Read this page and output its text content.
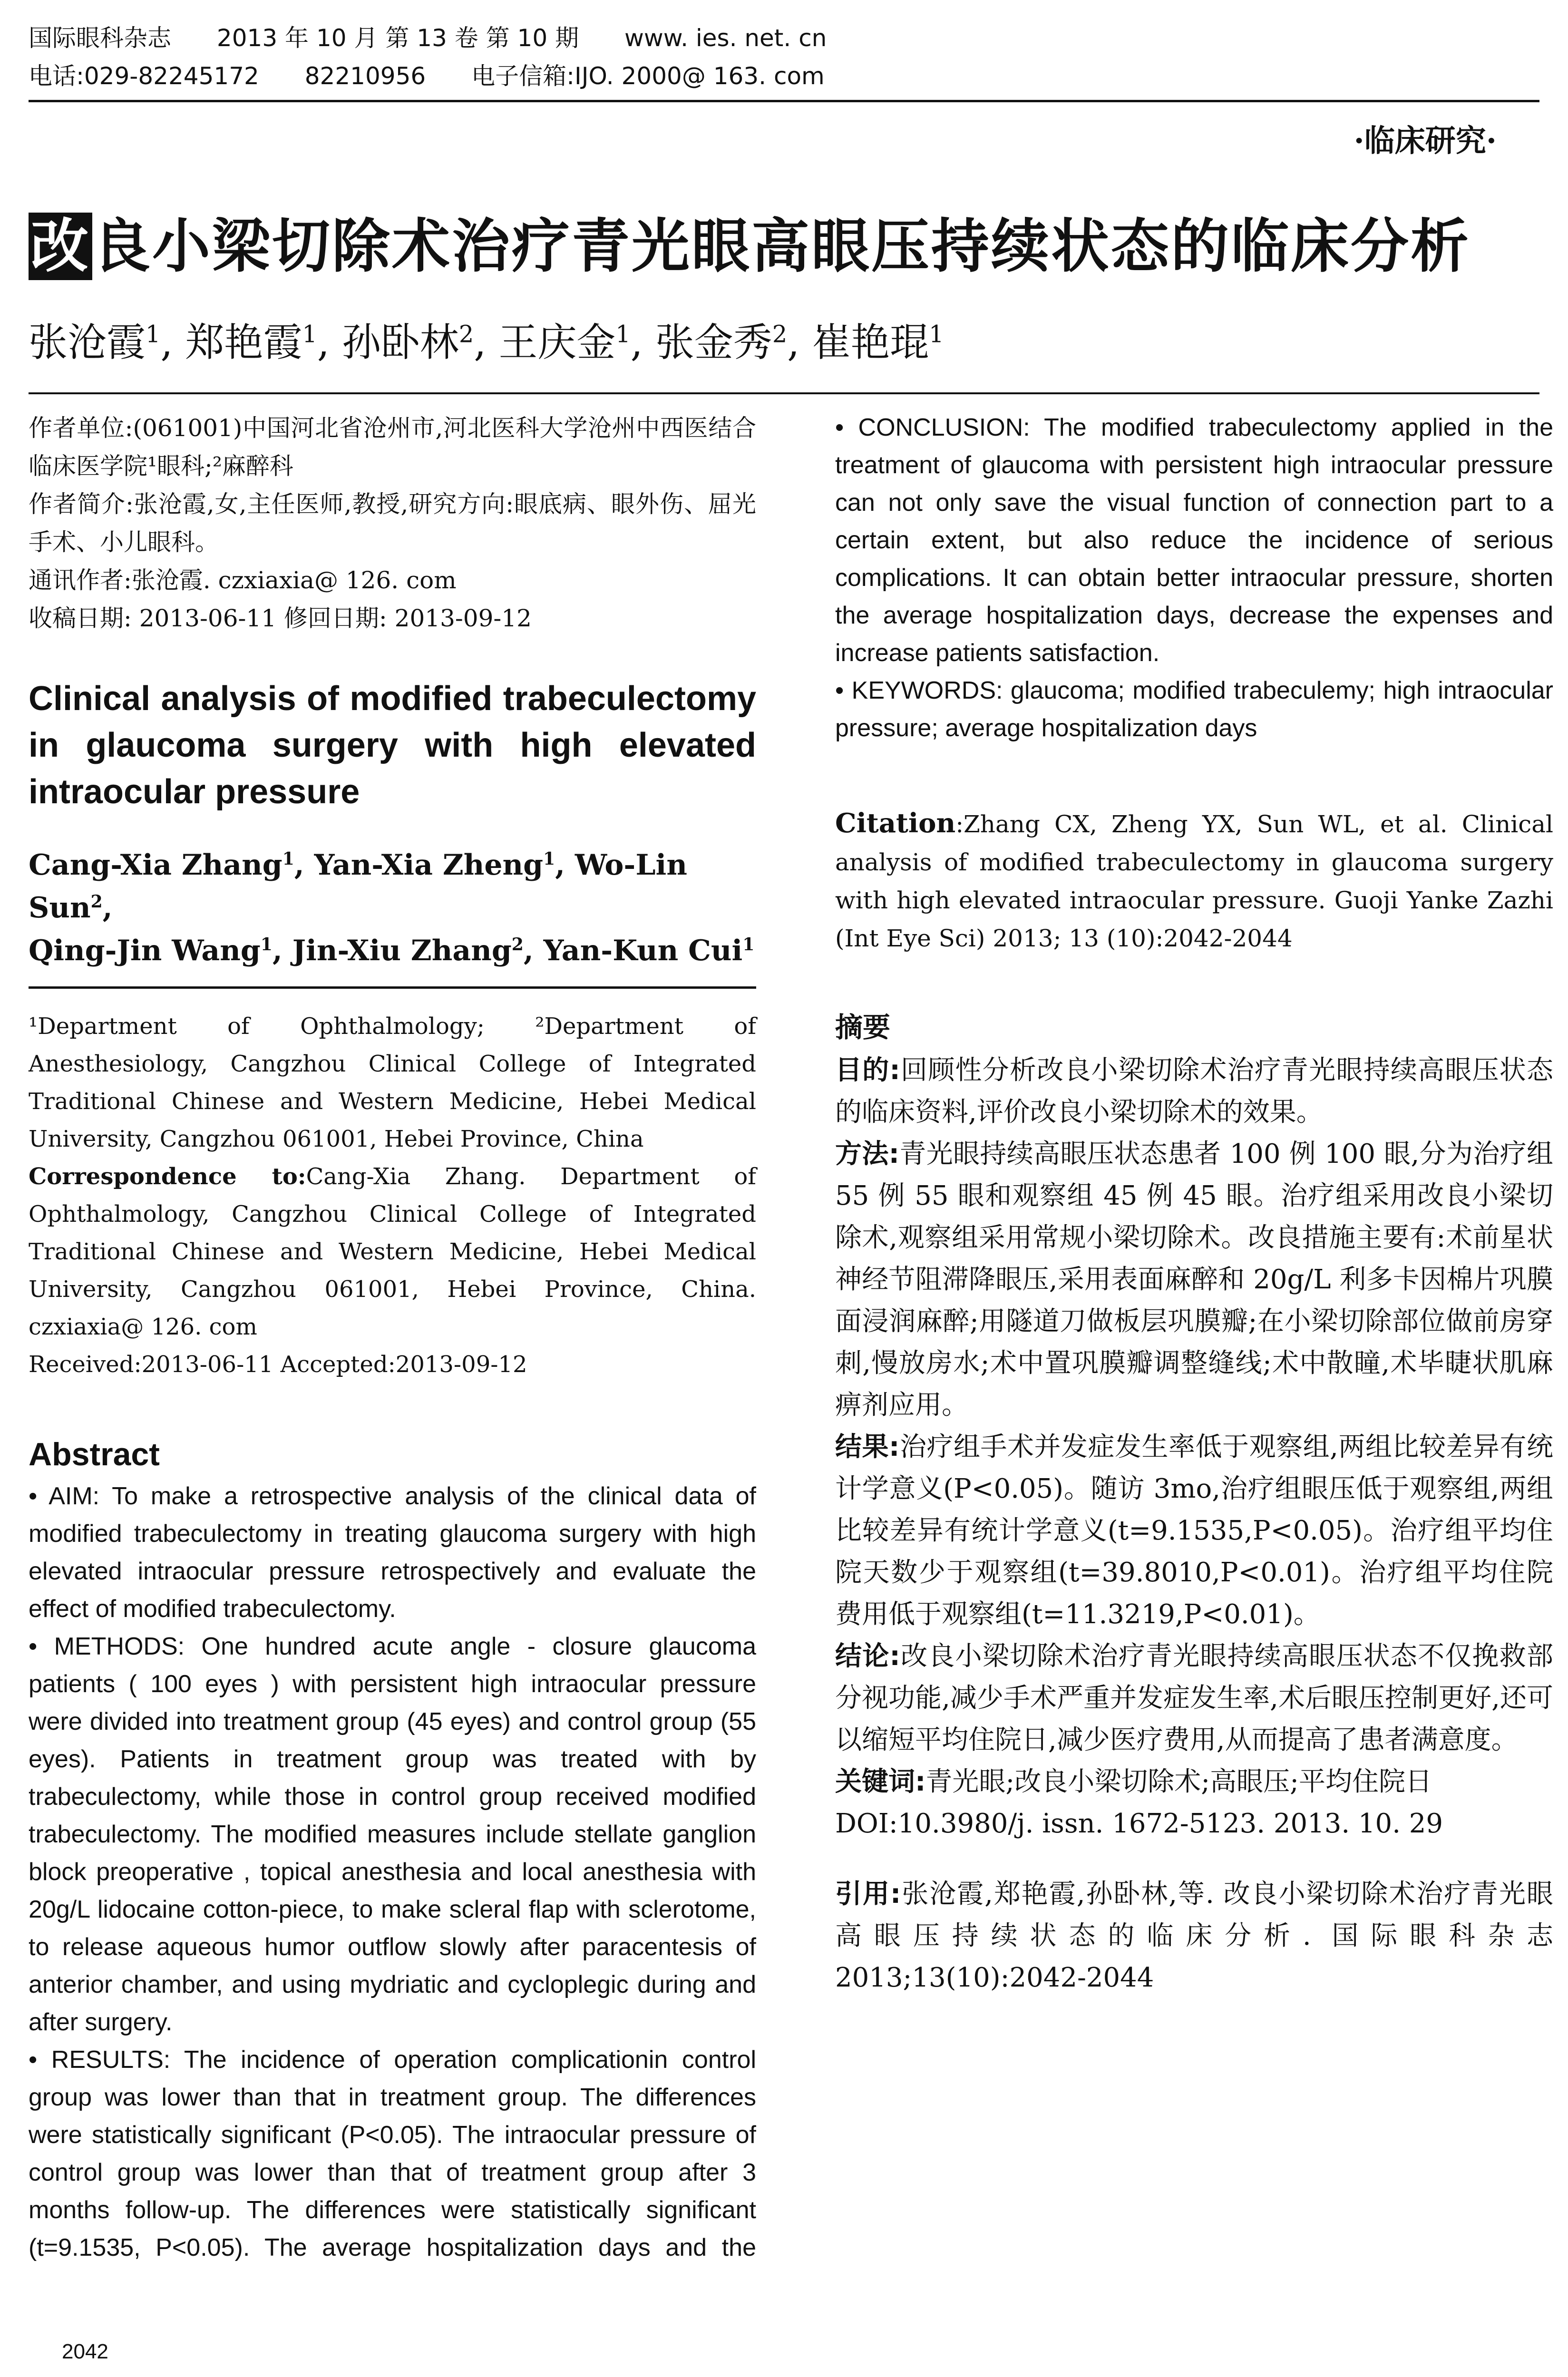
国际眼科杂志 2013 年 10 月 第 13 卷 第 10 期 www. ies. net. cn
电话:029-82245172 82210956 电子信箱:IJO. 2000@ 163. com
·临床研究·
改良小梁切除术治疗青光眼高眼压持续状态的临床分析
张沧霞$^1$, 郑艳霞$^1$, 孙卧林$^2$, 王庆金$^1$, 张金秀$^2$, 崔艳琨$^1$

作者单位:(061001)中国河北省沧州市,河北医科大学沧州中西医结合临床医学院¹眼科;²麻醉科

作者简介:张沧霞,女,主任医师,教授,研究方向:眼底病、眼外伤、屈光手术、小儿眼科。

通讯作者:张沧霞. czxiaxia@ 126. com

收稿日期: 2013-06-11 修回日期: 2013-09-12

Clinical analysis of modified trabeculectomy in glaucoma surgery with high elevated intraocular pressure
Cang-Xia Zhang$^1$, Yan-Xia Zheng$^1$, Wo-Lin Sun$^2$,
Qing-Jin Wang$^1$, Jin-Xiu Zhang$^2$, Yan-Kun Cui$^1$

¹Department of Ophthalmology; ²Department of Anesthesiology, Cangzhou Clinical College of Integrated Traditional Chinese and Western Medicine, Hebei Medical University, Cangzhou 061001, Hebei Province, China

Correspondence to:Cang-Xia Zhang. Department of Ophthalmology, Cangzhou Clinical College of Integrated Traditional Chinese and Western Medicine, Hebei Medical University, Cangzhou 061001, Hebei Province, China. czxiaxia@ 126. com

Received:2013-06-11 Accepted:2013-09-12

Abstract

• AIM: To make a retrospective analysis of the clinical data of modified trabeculectomy in treating glaucoma surgery with high elevated intraocular pressure retrospectively and evaluate the effect of modified trabeculectomy.

• METHODS: One hundred acute angle - closure glaucoma patients ( 100 eyes ) with persistent high intraocular pressure were divided into treatment group (45 eyes) and control group (55 eyes). Patients in treatment group was treated with by trabeculectomy, while those in control group received modified trabeculectomy. The modified measures include stellate ganglion block preoperative , topical anesthesia and local anesthesia with 20g/L lidocaine cotton-piece, to make scleral flap with sclerotome, to release aqueous humor outflow slowly after paracentesis of anterior chamber, and using mydriatic and cycloplegic during and after surgery.

• RESULTS: The incidence of operation complicationin control group was lower than that in treatment group. The differences were statistically significant (P<0.05). The intraocular pressure of control group was lower than that of treatment group after 3 months follow-up. The differences were statistically significant (t=9.1535, P<0.05). The average hospitalization days and the

• CONCLUSION: The modified trabeculectomy applied in the treatment of glaucoma with persistent high intraocular pressure can not only save the visual function of connection part to a certain extent, but also reduce the incidence of serious complications. It can obtain better intraocular pressure, shorten the average hospitalization days, decrease the expenses and increase patients satisfaction.

• KEYWORDS: glaucoma; modified trabeculemy; high intraocular pressure; average hospitalization days

Citation:Zhang CX, Zheng YX, Sun WL, et al. Clinical analysis of modified trabeculectomy in glaucoma surgery with high elevated intraocular pressure. Guoji Yanke Zazhi (Int Eye Sci) 2013; 13 (10):2042-2044
摘要

目的:回顾性分析改良小梁切除术治疗青光眼持续高眼压状态的临床资料,评价改良小梁切除术的效果。

方法:青光眼持续高眼压状态患者 100 例 100 眼,分为治疗组 55 例 55 眼和观察组 45 例 45 眼。治疗组采用改良小梁切除术,观察组采用常规小梁切除术。改良措施主要有:术前星状神经节阻滞降眼压,采用表面麻醉和 20g/L 利多卡因棉片巩膜面浸润麻醉;用隧道刀做板层巩膜瓣;在小梁切除部位做前房穿刺,慢放房水;术中置巩膜瓣调整缝线;术中散瞳,术毕睫状肌麻痹剂应用。

结果:治疗组手术并发症发生率低于观察组,两组比较差异有统计学意义(P<0.05)。随访 3mo,治疗组眼压低于观察组,两组比较差异有统计学意义(t=9.1535,P<0.05)。治疗组平均住院天数少于观察组(t=39.8010,P<0.01)。治疗组平均住院费用低于观察组(t=11.3219,P<0.01)。

结论:改良小梁切除术治疗青光眼持续高眼压状态不仅挽救部分视功能,减少手术严重并发症发生率,术后眼压控制更好,还可以缩短平均住院日,减少医疗费用,从而提高了患者满意度。

关键词:青光眼;改良小梁切除术;高眼压;平均住院日

DOI:10.3980/j. issn. 1672-5123. 2013. 10. 29

引用:张沧霞,郑艳霞,孙卧林,等. 改良小梁切除术治疗青光眼高眼压持续状态的临床分析. 国际眼科杂志 2013;13(10):2042-2044

2042
